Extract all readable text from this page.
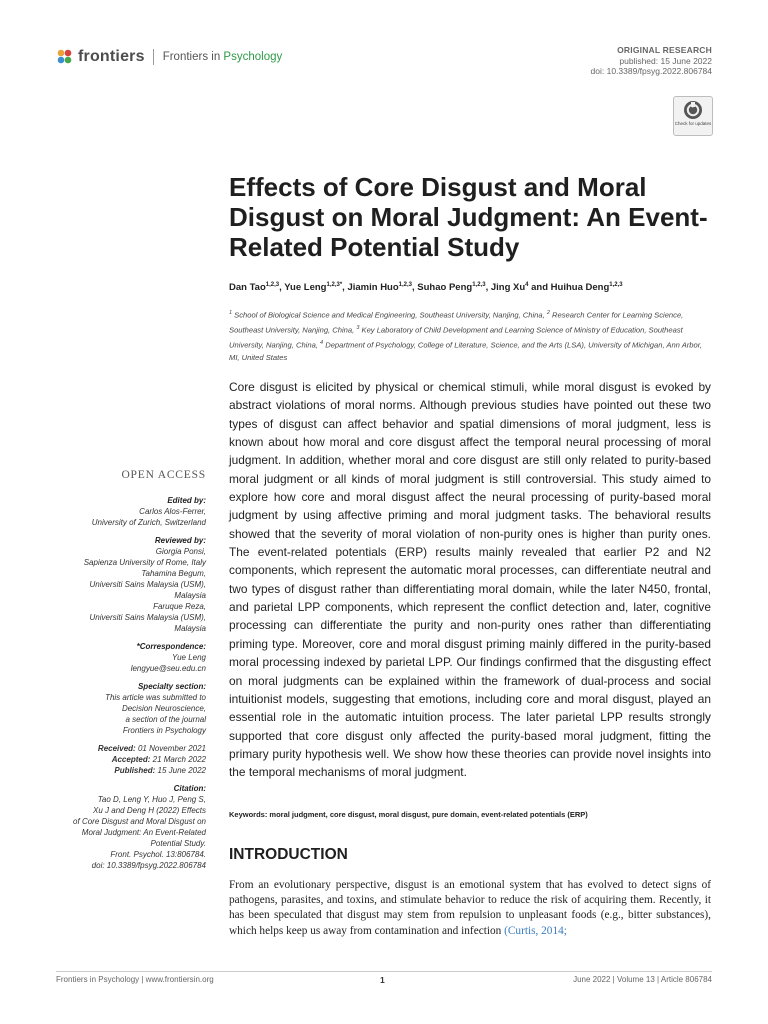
frontiers Frontiers in Psychology
ORIGINAL RESEARCH
published: 15 June 2022
doi: 10.3389/fpsyg.2022.806784
Check for updates
Effects of Core Disgust and Moral Disgust on Moral Judgment: An Event-Related Potential Study
Dan Tao$^{1,2,3}$, Yue Leng$^{1,2,3*}$, Jiamin Huo$^{1,2,3}$, Suhao Peng$^{1,2,3}$, Jing Xu$^4$ and Huihua Deng$^{1,2,3}$
$^1$ School of Biological Science and Medical Engineering, Southeast University, Nanjing, China, $^2$ Research Center for Learning Science, Southeast University, Nanjing, China, $^3$ Key Laboratory of Child Development and Learning Science of Ministry of Education, Southeast University, Nanjing, China, $^4$ Department of Psychology, College of Literature, Science, and the Arts (LSA), University of Michigan, Ann Arbor, MI, United States

Core disgust is elicited by physical or chemical stimuli, while moral disgust is evoked by abstract violations of moral norms. Although previous studies have pointed out these two types of disgust can affect behavior and spatial dimensions of moral judgment, less is known about how moral and core disgust affect the temporal neural processing of moral judgment. In addition, whether moral and core disgust are still only related to purity-based moral judgment or all kinds of moral judgment is still controversial. This study aimed to explore how core and moral disgust affect the neural processing of purity-based moral judgment by using affective priming and moral judgment tasks. The behavioral results showed that the severity of moral violation of non-purity ones is higher than purity ones. The event-related potentials (ERP) results mainly revealed that earlier P2 and N2 components, which represent the automatic moral processes, can differentiate neutral and two types of disgust rather than differentiating moral domain, while the later N450, frontal, and parietal LPP components, which represent the conflict detection and, later, cognitive processing can differentiate the purity and non-purity ones rather than differentiating priming type. Moreover, core and moral disgust priming mainly differed in the purity-based moral processing indexed by parietal LPP. Our findings confirmed that the disgusting effect on moral judgments can be explained within the framework of dual-process and social intuitionist models, suggesting that emotions, including core and moral disgust, played an essential role in the automatic intuition process. The later parietal LPP results strongly supported that core disgust only affected the purity-based moral judgment, fitting the primary purity hypothesis well. We show how these theories can provide novel insights into the temporal mechanisms of moral judgment.

Keywords: moral judgment, core disgust, moral disgust, pure domain, event-related potentials (ERP)
OPEN ACCESS
Edited by:
Carlos Alos-Ferrer,
University of Zurich, Switzerland
Reviewed by:
Giorgia Ponsi,
Sapienza University of Rome, Italy
Tahamina Begum,
Universiti Sains Malaysia (USM),
Malaysia
Faruque Reza,
Universiti Sains Malaysia (USM),
Malaysia
*Correspondence:
Yue Leng
lengyue@seu.edu.cn
Specialty section:
This article was submitted to
Decision Neuroscience,
a section of the journal
Frontiers in Psychology
Received: 01 November 2021
Accepted: 21 March 2022
Published: 15 June 2022
Citation:
Tao D, Leng Y, Huo J, Peng S,
Xu J and Deng H (2022) Effects
of Core Disgust and Moral Disgust on
Moral Judgment: An Event-Related
Potential Study.
Front. Psychol. 13:806784.
doi: 10.3389/fpsyg.2022.806784
INTRODUCTION

From an evolutionary perspective, disgust is an emotional system that has evolved to detect signs of pathogens, parasites, and toxins, and stimulate behavior to reduce the risk of acquiring them. Recently, it has been speculated that disgust may stem from repulsion to unpleasant foods (e.g., bitter substances), which helps keep us away from contamination and infection (Curtis, 2014;

Frontiers in Psychology | www.frontiersin.org	1	June 2022 | Volume 13 | Article 806784
